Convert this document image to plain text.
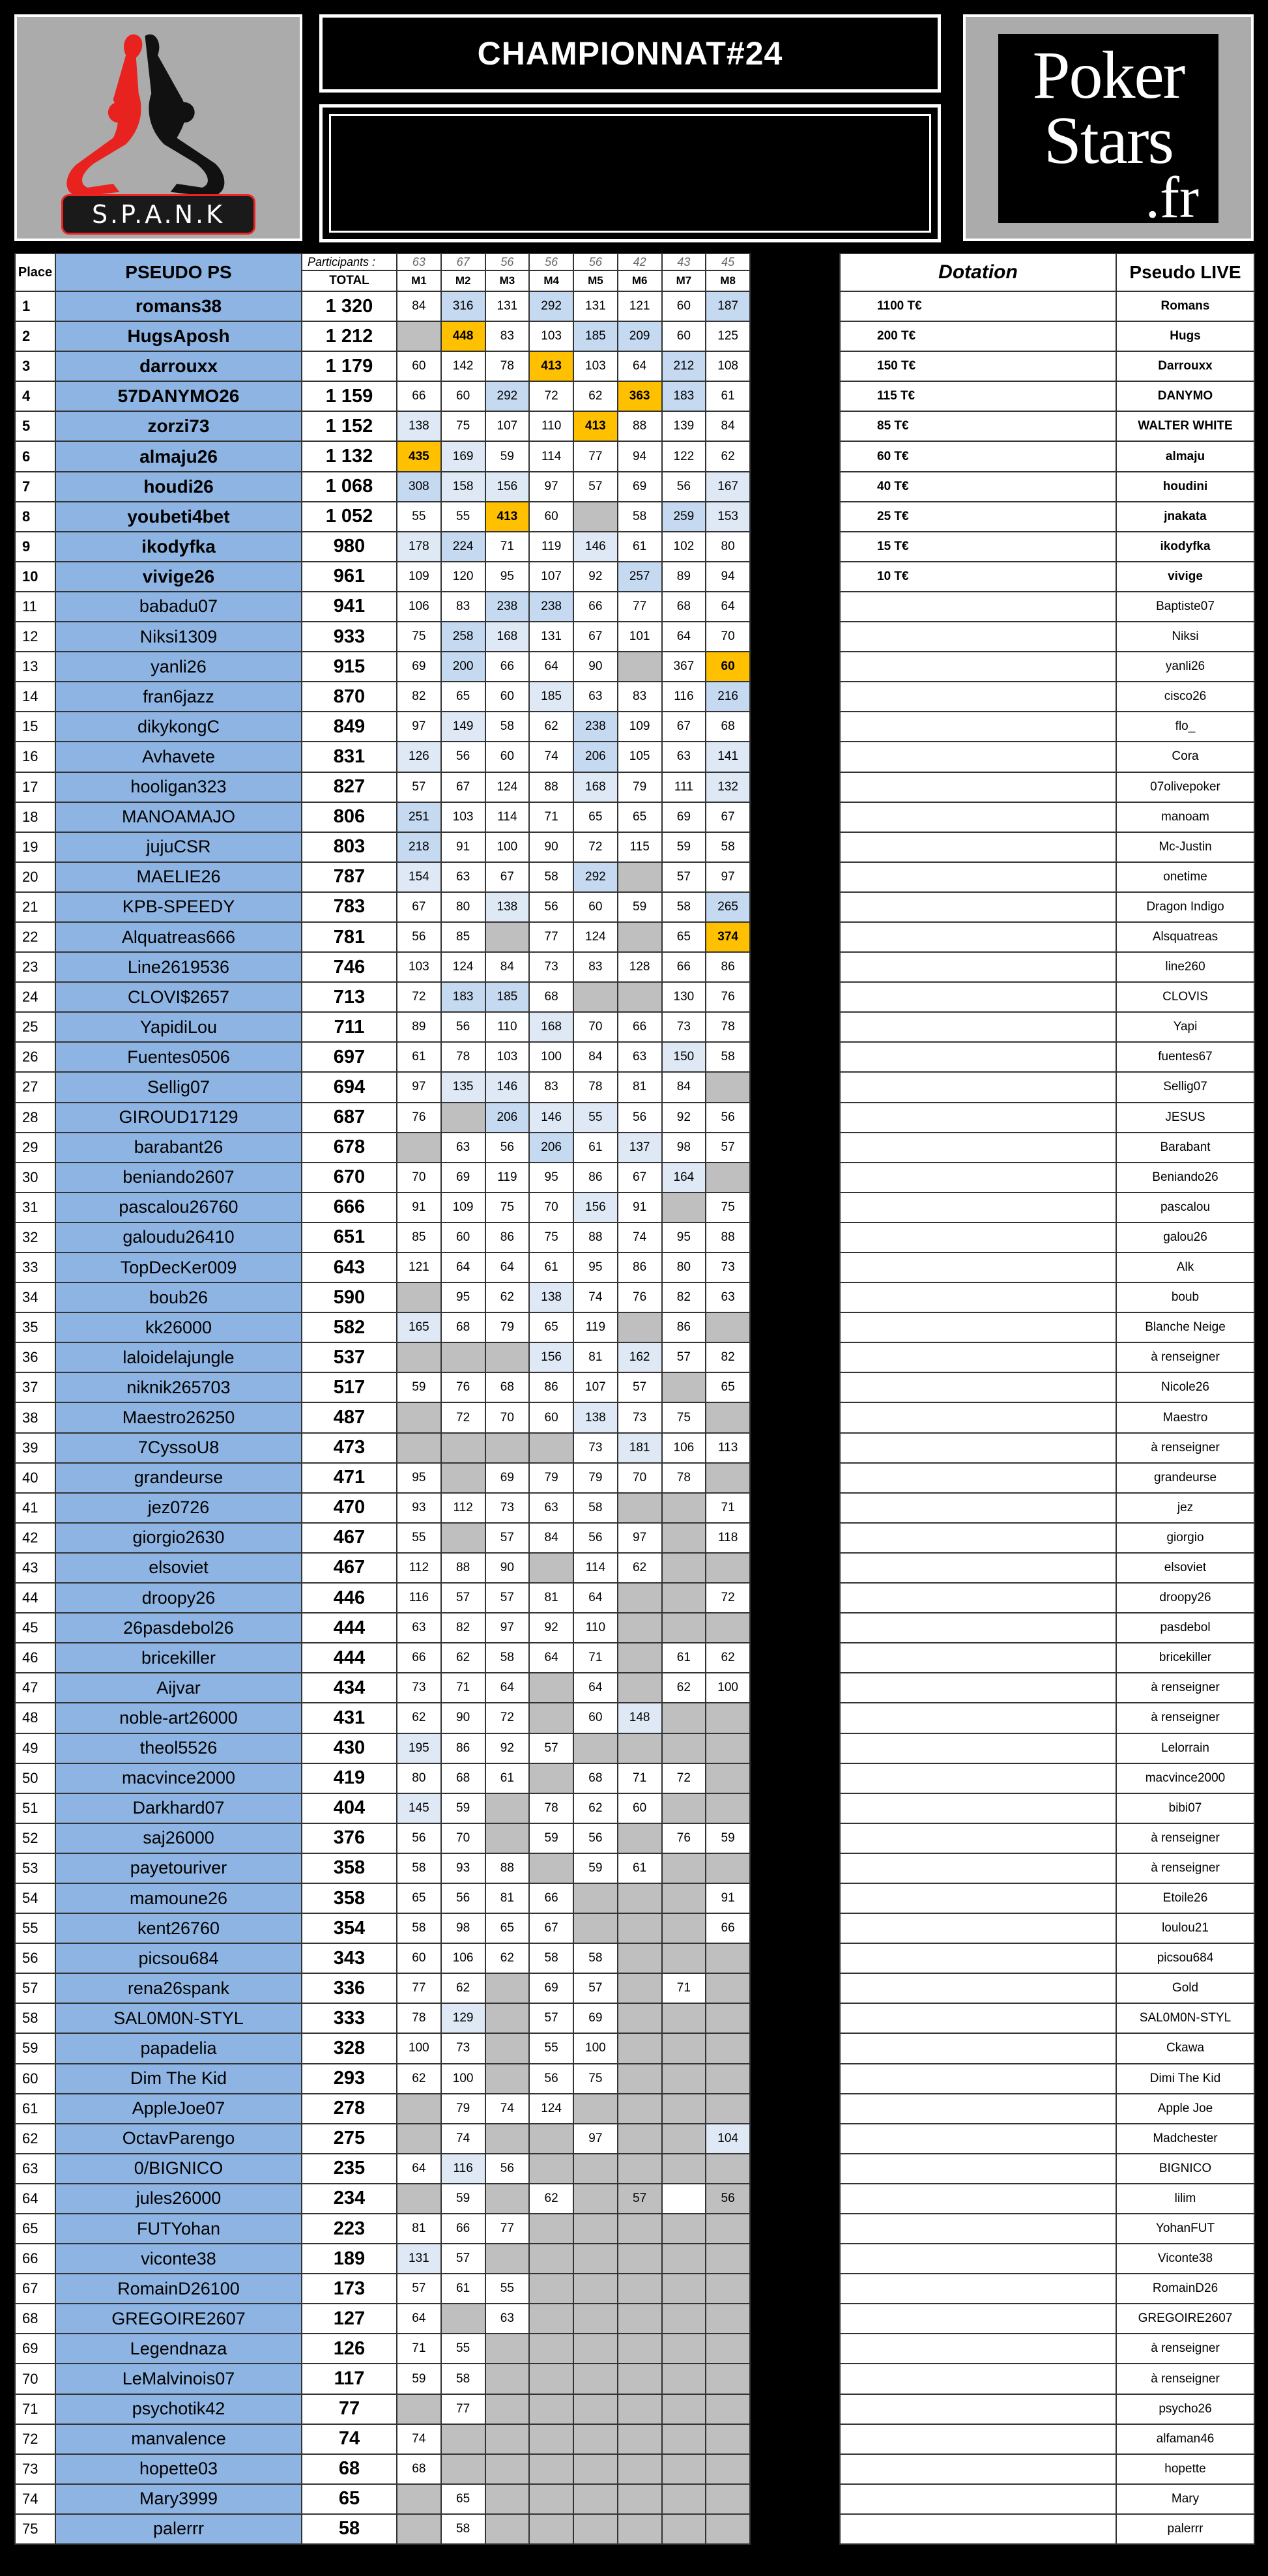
S.P.A.N.K
CHAMPIONNAT#24	Poker
Stars
.fr
Place	PSEUDO PS	Participants :	63	67	56	56	56	42	43	45
		TOTAL	M1	M2	M3	M4	M5	M6	M7	M8
1	romans38	1 320	84	316	131	292	131	121	60	187
2	HugsAposh	1 212		448	83	103	185	209	60	125
3	darrouxx	1 179	60	142	78	413	103	64	212	108
4	57DANYMO26	1 159	66	60	292	72	62	363	183	61
5	zorzi73	1 152	138	75	107	110	413	88	139	84
6	almaju26	1 132	435	169	59	114	77	94	122	62
7	houdi26	1 068	308	158	156	97	57	69	56	167
8	youbeti4bet	1 052	55	55	413	60		58	259	153
9	ikodyfka	980	178	224	71	119	146	61	102	80
10	vivige26	961	109	120	95	107	92	257	89	94
11	babadu07	941	106	83	238	238	66	77	68	64
12	Niksi1309	933	75	258	168	131	67	101	64	70
13	yanli26	915	69	200	66	64	90		367	60
14	fran6jazz	870	82	65	60	185	63	83	116	216
15	dikykongC	849	97	149	58	62	238	109	67	68
16	Avhavete	831	126	56	60	74	206	105	63	141
17	hooligan323	827	57	67	124	88	168	79	111	132
18	MANOAMAJO	806	251	103	114	71	65	65	69	67
19	jujuCSR	803	218	91	100	90	72	115	59	58
20	MAELIE26	787	154	63	67	58	292		57	97
21	KPB-SPEEDY	783	67	80	138	56	60	59	58	265
22	Alquatreas666	781	56	85		77	124		65	374
23	Line2619536	746	103	124	84	73	83	128	66	86
24	CLOVI$2657	713	72	183	185	68			130	76
25	YapidiLou	711	89	56	110	168	70	66	73	78
26	Fuentes0506	697	61	78	103	100	84	63	150	58
27	Sellig07	694	97	135	146	83	78	81	84	
28	GIROUD17129	687	76		206	146	55	56	92	56
29	barabant26	678		63	56	206	61	137	98	57
30	beniando2607	670	70	69	119	95	86	67	164	
31	pascalou26760	666	91	109	75	70	156	91		75
32	galoudu26410	651	85	60	86	75	88	74	95	88
33	TopDecKer009	643	121	64	64	61	95	86	80	73
34	boub26	590		95	62	138	74	76	82	63
35	kk26000	582	165	68	79	65	119		86	
36	laloidelajungle	537				156	81	162	57	82
37	niknik265703	517	59	76	68	86	107	57		65
38	Maestro26250	487		72	70	60	138	73	75	
39	7CyssoU8	473					73	181	106	113
40	grandeurse	471	95		69	79	79	70	78	
41	jez0726	470	93	112	73	63	58			71
42	giorgio2630	467	55		57	84	56	97		118
43	elsoviet	467	112	88	90		114	62		
44	droopy26	446	116	57	57	81	64			72
45	26pasdebol26	444	63	82	97	92	110			
46	bricekiller	444	66	62	58	64	71		61	62
47	Aijvar	434	73	71	64		64		62	100
48	noble-art26000	431	62	90	72		60	148		
49	theol5526	430	195	86	92	57				
50	macvince2000	419	80	68	61		68	71	72	
51	Darkhard07	404	145	59		78	62	60		
52	saj26000	376	56	70		59	56		76	59
53	payetouriver	358	58	93	88		59	61		
54	mamoune26	358	65	56	81	66				91
55	kent26760	354	58	98	65	67				66
56	picsou684	343	60	106	62	58	58			
57	rena26spank	336	77	62		69	57		71	
58	SAL0M0N-STYL	333	78	129		57	69			
59	papadelia	328	100	73		55	100			
60	Dim The Kid	293	62	100		56	75			
61	AppleJoe07	278		79	74	124				
62	OctavParengo	275		74			97			104
63	0/BIGNICO	235	64	116	56					
64	jules26000	234		59		62		57		56
65	FUTYohan	223	81	66	77					
66	viconte38	189	131	57						
67	RomainD26100	173	57	61	55					
68	GREGOIRE2607	127	64		63					
69	Legendnaza	126	71	55						
70	LeMalvinois07	117	59	58						
71	psychotik42	77		77						
72	manvalence	74	74							
73	hopette03	68	68							
74	Mary3999	65		65						
75	palerrr	58		58						
Dotation	Pseudo LIVE
1100 T€	Romans
200 T€	Hugs
150 T€	Darrouxx
115 T€	DANYMO
85 T€	WALTER WHITE
60 T€	almaju
40 T€	houdini
25 T€	jnakata
15 T€	ikodyfka
10 T€	vivige
	Baptiste07
	Niksi
	yanli26
	cisco26
	flo_
	Cora
	07olivepoker
	manoam
	Mc-Justin
	onetime
	Dragon Indigo
	Alsquatreas
	line260
	CLOVIS
	Yapi
	fuentes67
	Sellig07
	JESUS
	Barabant
	Beniando26
	pascalou
	galou26
	Alk
	boub
	Blanche Neige
	à renseigner
	Nicole26
	Maestro
	à renseigner
	grandeurse
	jez
	giorgio
	elsoviet
	droopy26
	pasdebol
	bricekiller
	à renseigner
	à renseigner
	Lelorrain
	macvince2000
	bibi07
	à renseigner
	à renseigner
	Etoile26
	loulou21
	picsou684
	Gold
	SAL0M0N-STYL
	Ckawa
	Dimi The Kid
	Apple Joe
	Madchester
	BIGNICO
	lilim
	YohanFUT
	Viconte38
	RomainD26
	GREGOIRE2607
	à renseigner
	à renseigner
	psycho26
	alfaman46
	hopette
	Mary
	palerrr
